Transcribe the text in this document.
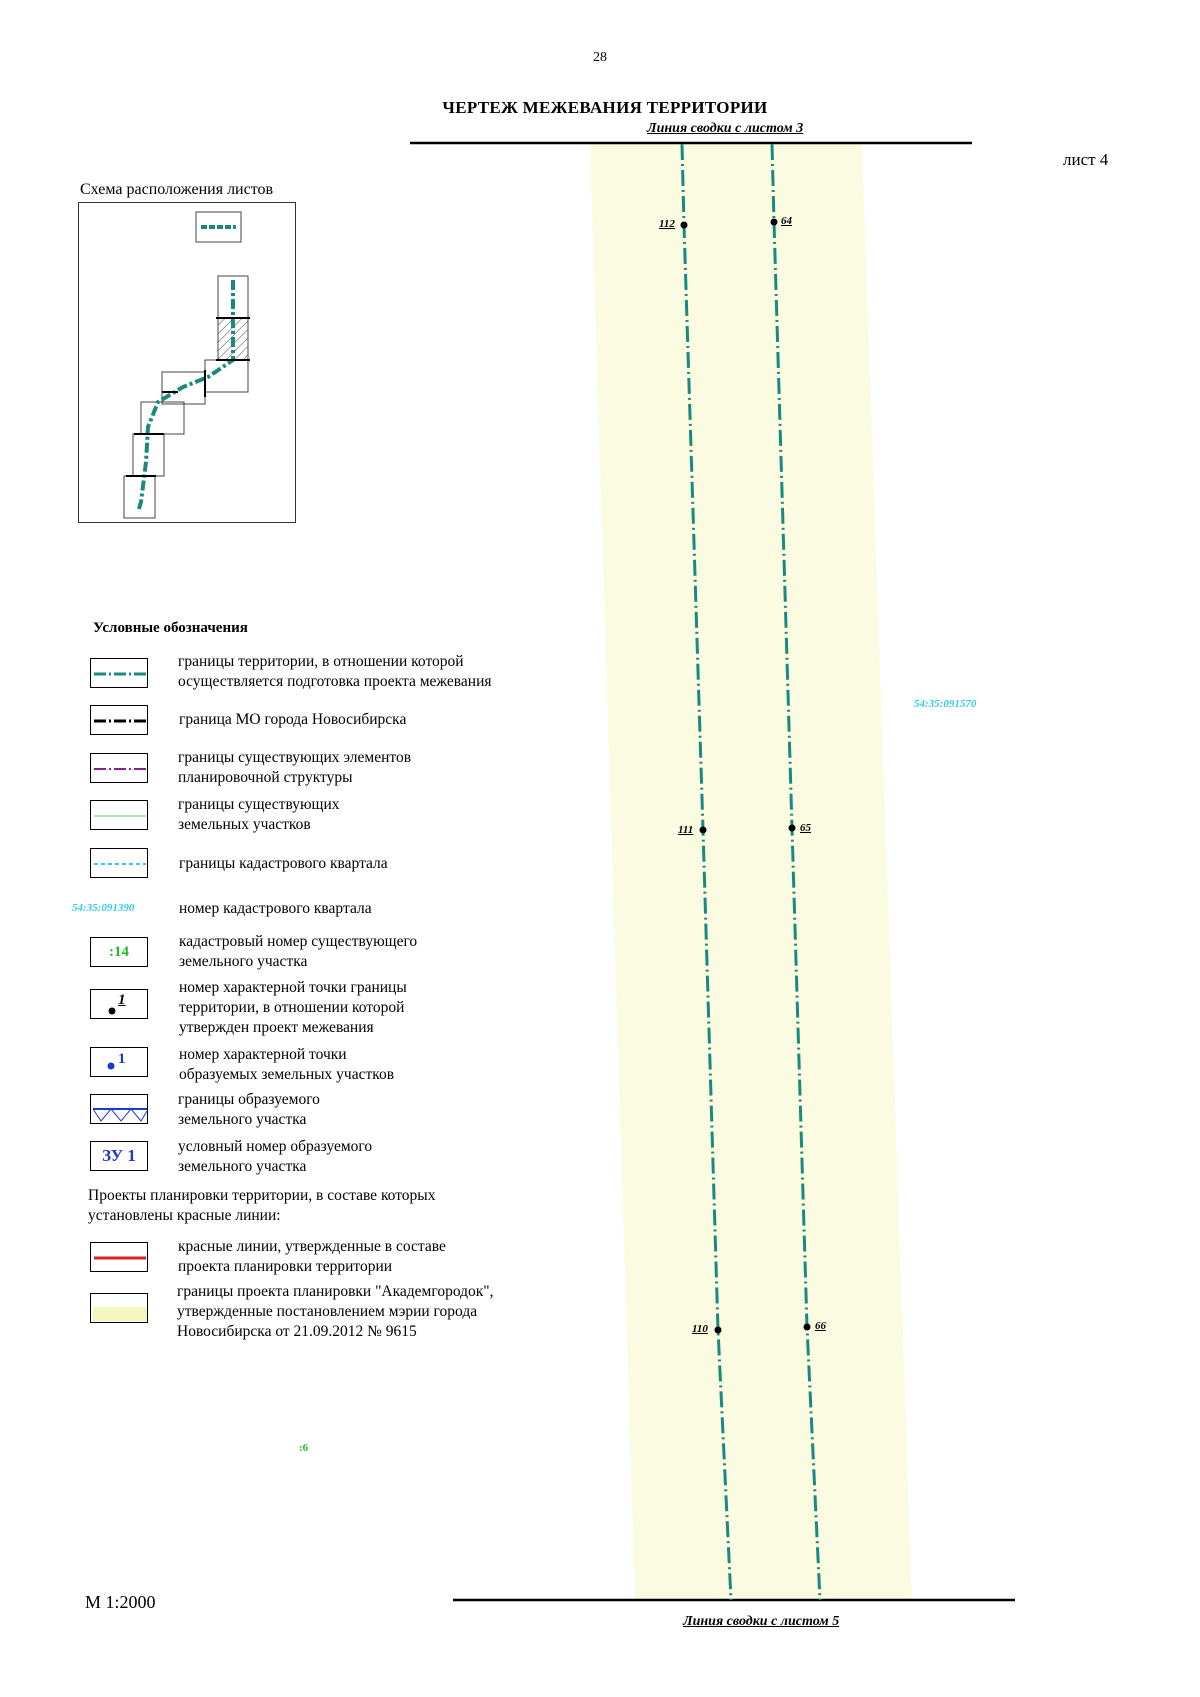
112	64
111	65
110	66
54:35:091570
:6
28
ЧЕРТЕЖ МЕЖЕВАНИЯ ТЕРРИТОРИИ
Линия сводки с листом 3
лист 4
Линия сводки с листом 5
М 1:2000
Схема расположения листов
Условные обозначения
границы территории, в отношении которой
осуществляется подготовка проекта межевания
граница МО города Новосибирска
границы существующих элементов
планировочной структуры
границы существующих
земельных участков
границы кадастрового квартала
54:35:091390	номер кадастрового квартала
:14
кадастровый номер существующего
земельного участка
1
номер характерной точки границы
территории, в отношении которой
утвержден проект межевания
1	номер характерной точки
образуемых земельных участков
границы образуемого
земельного участка
ЗУ 1	условный номер образуемого
земельного участка
Проекты планировки территории, в составе которых
установлены красные линии:
красные линии, утвержденные в составе
проекта планировки территории
границы проекта планировки "Академгородок",
утвержденные постановлением мэрии города
Новосибирска от 21.09.2012 № 9615
